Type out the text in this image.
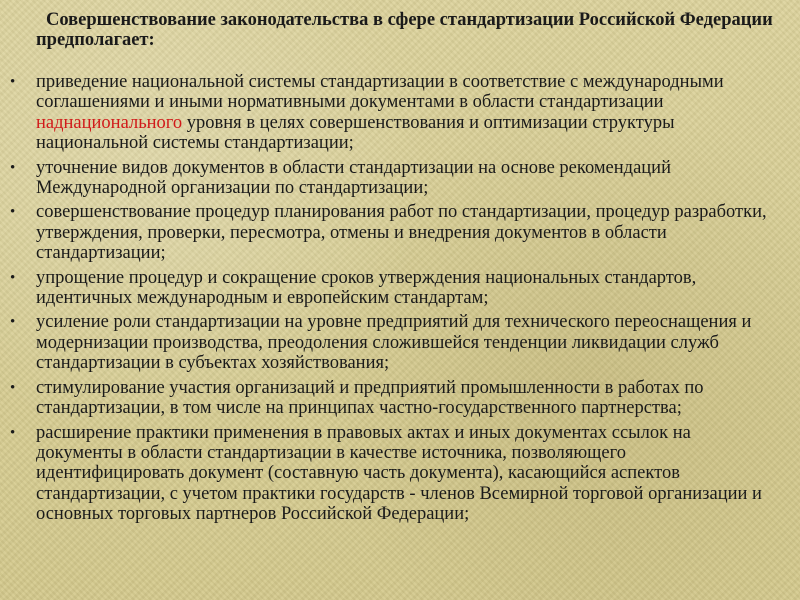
Совершенствование законодательства в сфере стандартизации Российской Федерации предполагает:

• приведение национальной системы стандартизации в соответствие с международными соглашениями и иными нормативными документами в области стандартизации наднационального уровня в целях совершенствования и оптимизации структуры национальной системы стандартизации;
• уточнение видов документов в области стандартизации на основе рекомендаций Международной организации по стандартизации;
• совершенствование процедур планирования работ по стандартизации, процедур разработки, утверждения, проверки, пересмотра, отмены и внедрения документов в области стандартизации;
• упрощение процедур и сокращение сроков утверждения национальных стандартов, идентичных международным и европейским стандартам;
• усиление роли стандартизации на уровне предприятий для технического переоснащения и модернизации производства, преодоления сложившейся тенденции ликвидации служб стандартизации в субъектах хозяйствования;
• стимулирование участия организаций и предприятий промышленности в работах по стандартизации, в том числе на принципах частно-государственного партнерства;
• расширение практики применения в правовых актах и иных документах ссылок на документы в области стандартизации в качестве источника, позволяющего идентифицировать документ (составную часть документа), касающийся аспектов стандартизации, с учетом практики государств - членов Всемирной торговой организации и основных торговых партнеров Российской Федерации;
